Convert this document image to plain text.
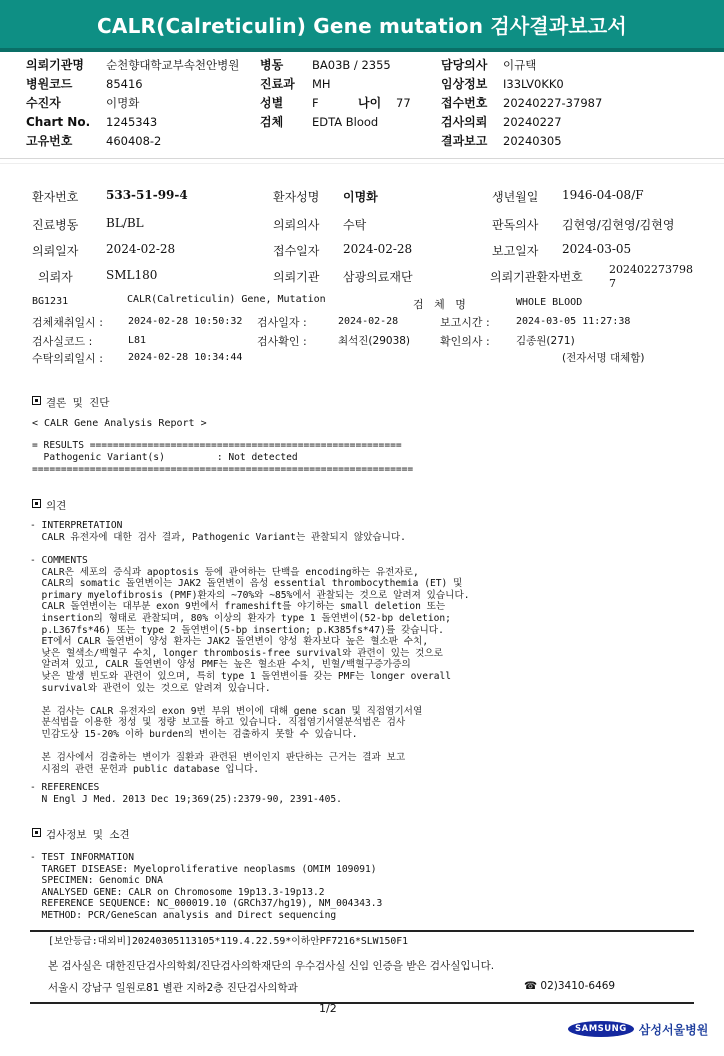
CALR(Calreticulin) Gene mutation 검사결과보고서
의뢰기관명 순천향대학교부속천안병원
병원코드	85416
수진자	이명화
Chart No. 1245343
고유번호	460408-2
병동	BA03B / 2355
진료과 MH
성별	F	나이 77
검체	EDTA Blood
담당의사 이규택
임상정보 I33LV0KK0
접수번호 20240227-37987
검사의뢰 20240227
결과보고 20240305
환자번호 533-51-99-4	환자성명 이명화	생년월일 1946-04-08/F
진료병동 BL/BL	의뢰의사 수탁	판독의사 김현영/김현영/김현영
의뢰일자 2024-02-28	접수일자 2024-02-28	보고일자 2024-03-05
의뢰자	SML180	의뢰기관 삼광의료재단	의뢰기관환자번호
202402273798
7
BG1231	CALR(Calreticulin) Gene, Mutation	검   체   명	WHOLE BLOOD
검체채취일시 :	2024-02-28 10:50:32 검사일자 :	2024-02-28	보고시간 :	2024-03-05 11:27:38
검사실코드 :	L81	검사확인 :	최석진(29038)	확인의사 :	김종원(271)
수탁의뢰일시 :	2024-02-28 10:34:44	(전자서명 대체함)
결론 및 진단
< CALR Gene Analysis Report >
= RESULTS ======================================================
Pathogenic Variant(s)         : Not detected
==================================================================
의견
- INTERPRETATION
CALR 유전자에 대한 검사 결과, Pathogenic Variant는 관찰되지 않았습니다.
- COMMENTS
CALR은 세포의 증식과 apoptosis 등에 관여하는 단백을 encoding하는 유전자로,
CALR의 somatic 돌연변이는 JAK2 돌연변이 음성 essential thrombocythemia (ET) 및
primary myelofibrosis (PMF)환자의 ~70%와 ~85%에서 관찰되는 것으로 알려져 있습니다.
CALR 돌연변이는 대부분 exon 9번에서 frameshift를 야기하는 small deletion 또는
insertion의 형태로 관찰되며, 80% 이상의 환자가 type 1 돌연변이(52-bp deletion;
p.L367fs*46) 또는 type 2 돌연변이(5-bp insertion; p.K385fs*47)를 갖습니다.
ET에서 CALR 돌연변이 양성 환자는 JAK2 돌연변이 양성 환자보다 높은 혈소판 수치,
낮은 혈색소/백혈구 수치, longer thrombosis-free survival와 관련이 있는 것으로
알려져 있고, CALR 돌연변이 양성 PMF는 높은 혈소판 수치, 빈혈/백혈구증가증의
낮은 발생 빈도와 관련이 있으며, 특히 type 1 돌연변이를 갖는 PMF는 longer overall
survival와 관련이 있는 것으로 알려져 있습니다.

본 검사는 CALR 유전자의 exon 9번 부위 변이에 대해 gene scan 및 직접염기서열
분석법을 이용한 정성 및 정량 보고를 하고 있습니다. 직접염기서열분석법은 검사
민감도상 15-20% 이하 burden의 변이는 검출하지 못할 수 있습니다.

본 검사에서 검출하는 변이가 질환과 관련된 변이인지 판단하는 근거는 결과 보고
시점의 관련 문헌과 public database 입니다.
- REFERENCES
N Engl J Med. 2013 Dec 19;369(25):2379-90, 2391-405.
검사정보 및 소견
- TEST INFORMATION
TARGET DISEASE: Myeloproliferative neoplasms (OMIM 109091)
SPECIMEN: Genomic DNA
ANALYSED GENE: CALR on Chromosome 19p13.3-19p13.2
REFERENCE SEQUENCE: NC_000019.10 (GRCh37/hg19), NM_004343.3
METHOD: PCR/GeneScan analysis and Direct sequencing
[보안등급:대외비]20240305113105*119.4.22.59*이하안PF7216*SLW150F1
본 검사실은 대한진단검사의학회/진단검사의학재단의 우수검사실 신임 인증을 받은 검사실입니다.
서울시 강남구 일원로81 별관 지하2층 진단검사의학과	☎ 02)3410-6469
1/2
SAMSUNG	삼성서울병원
